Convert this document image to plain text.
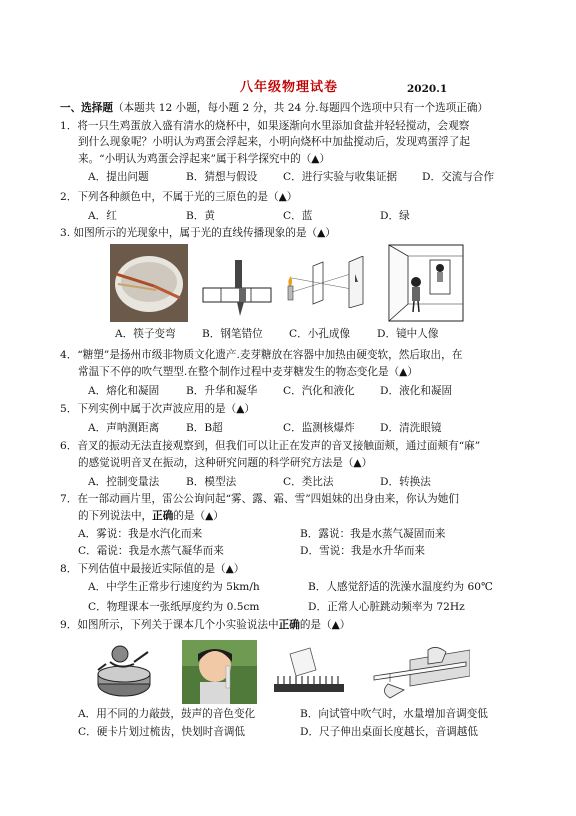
八年级物理试卷	2020.1
一、选择题（本题共 12 小题，每小题 2 分，共 24 分.每题四个选项中只有一个选项正确）
1．将一只生鸡蛋放入盛有清水的烧杯中，如果逐渐向水里添加食盐并轻轻搅动，会观察
到什么现象呢？小明认为鸡蛋会浮起来，小明向烧杯中加盐搅动后，发现鸡蛋浮了起
来。“小明认为鸡蛋会浮起来”属于科学探究中的（▲）
A．提出问题	B．猜想与假设 C．进行实验与收集证据 D．交流与合作
2．下列各种颜色中，不属于光的三原色的是（▲）
A．红	B．黄	C．蓝	D．绿
3. 如图所示的光现象中，属于光的直线传播现象的是（▲）
A．筷子变弯 B．钢笔错位 C．小孔成像	D．镜中人像
4．“糖塑”是扬州市级非物质文化遗产.麦芽糖放在容器中加热由硬变软，然后取出，在
常温下不停的吹气塑型.在整个制作过程中麦芽糖发生的物态变化是（▲）
A．熔化和凝固	B．升华和凝华 C．汽化和液化 D．液化和凝固
5．下列实例中属于次声波应用的是（▲）
A．声呐测距离	B．B超	C．监测核爆炸 D．清洗眼镜
6．音叉的振动无法直接观察到，但我们可以让正在发声的音叉接触面颊，通过面颊有“麻”
的感觉说明音叉在振动，这种研究问题的科学研究方法是（▲）
A．控制变量法	B．模型法	C．类比法	D．转换法
7．在一部动画片里，雷公公询问起“雾、露、霜、雪”四姐妹的出身由来，你认为她们
的下列说法中，正确的是（▲）
A．雾说：我是水汽化而来	B．露说：我是水蒸气凝固而来
C．霜说：我是水蒸气凝华而来	D．雪说：我是水升华而来
8．下列估值中最接近实际值的是（▲）
A．中学生正常步行速度约为 5km/h	B．人感觉舒适的洗澡水温度约为 60℃
C．物理课本一张纸厚度约为 0.5cm	D．正常人心脏跳动频率为 72Hz
9．如图所示，下列关于课本几个小实验说法中正确的是（▲）
A．用不同的力敲鼓，鼓声的音色变化	B．向试管中吹气时，水量增加音调变低
C．硬卡片划过梳齿，快划时音调低	D．尺子伸出桌面长度越长，音调越低
